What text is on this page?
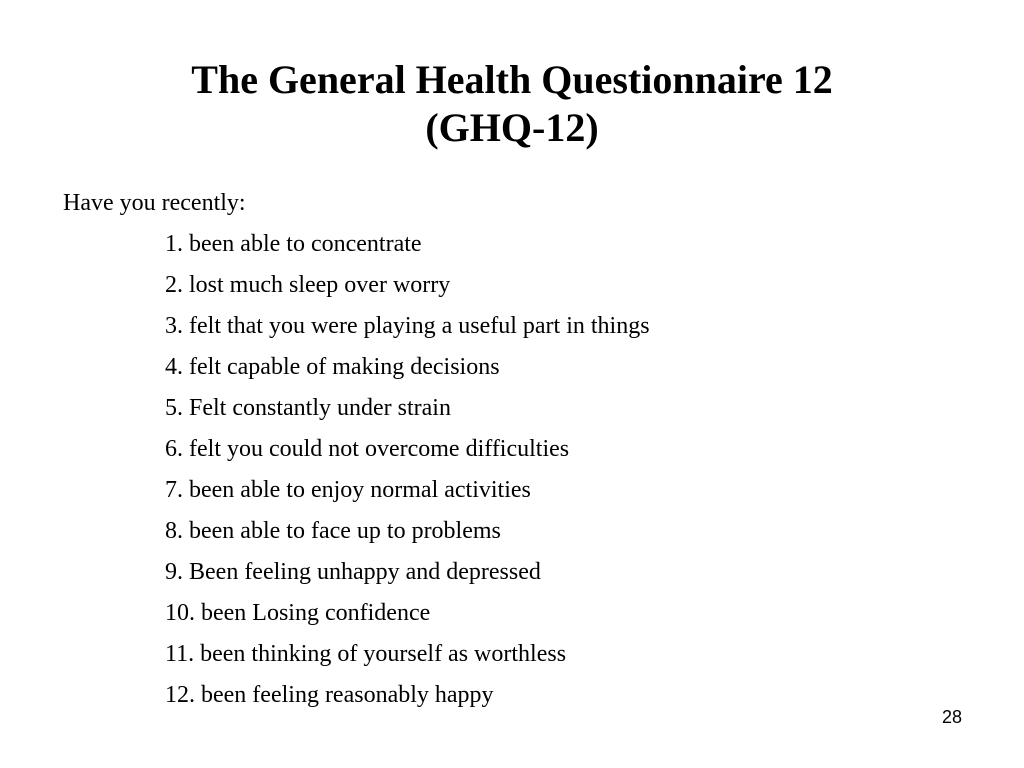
The General Health Questionnaire 12
(GHQ-12)
Have you recently:
1. been able to concentrate
2. lost much sleep over worry
3. felt that you were playing a useful part in things
4. felt capable of making decisions
5. Felt constantly under strain
6. felt you could not overcome difficulties
7. been able to enjoy normal activities
8. been able to face up to problems
9. Been feeling unhappy and depressed
10. been Losing confidence
11. been thinking of yourself as worthless
12. been feeling reasonably happy
28
